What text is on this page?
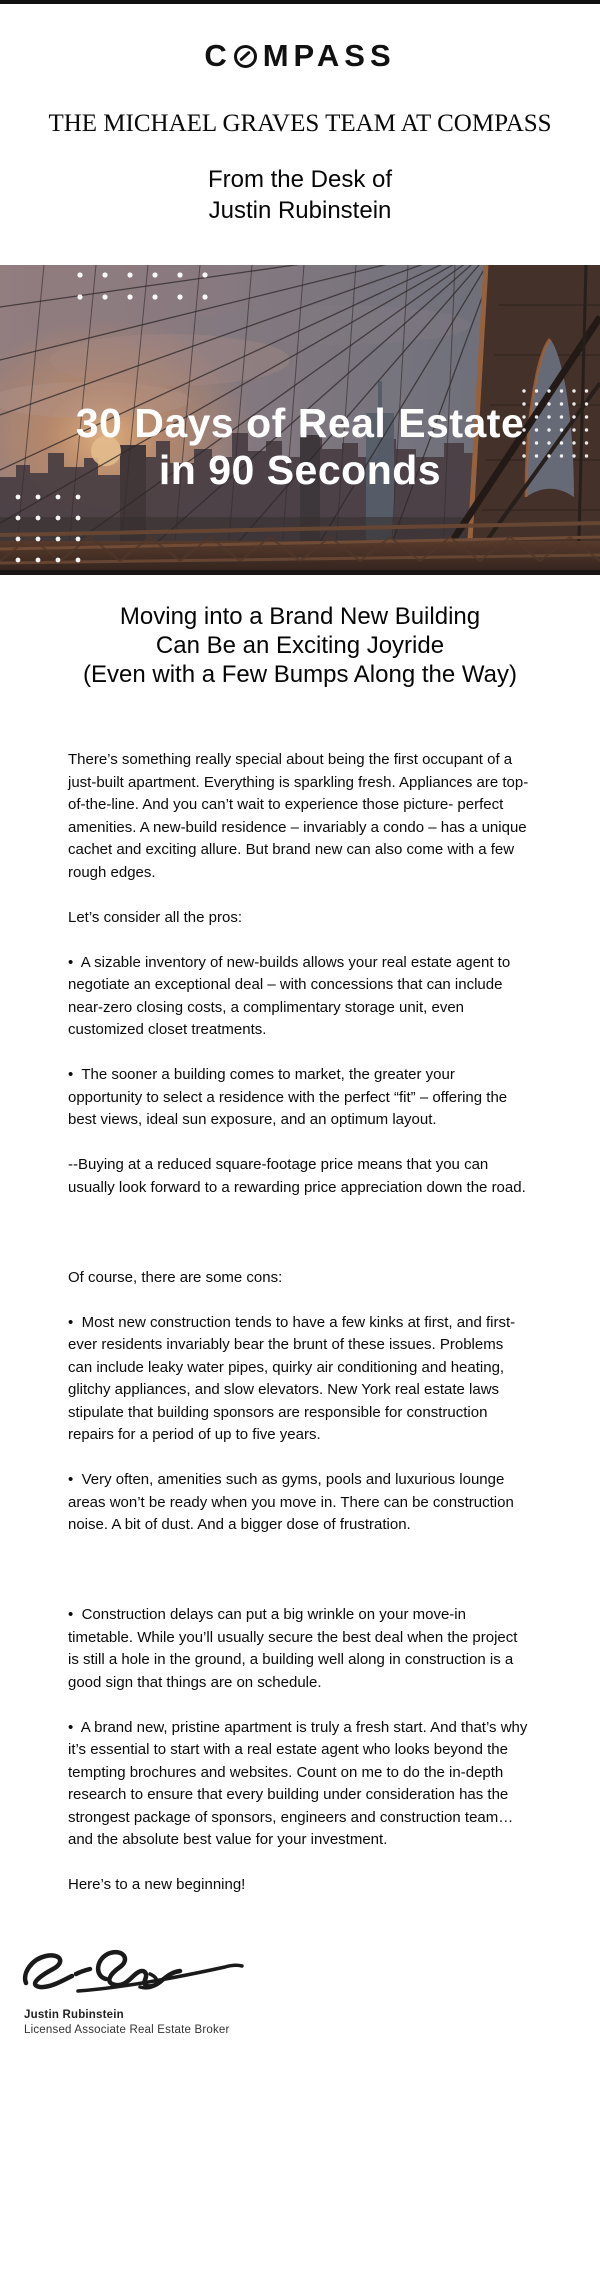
C MPASS
THE MICHAEL GRAVES TEAM AT COMPASS
From the Desk of
Justin Rubinstein
30 Days of Real Estate
in 90 Seconds
Moving into a Brand New Building
Can Be an Exciting Joyride
(Even with a Few Bumps Along the Way)

There’s something really special about being the first occupant of a just-built apartment. Everything is sparkling fresh. Appliances are top-of-the-line. And you can’t wait to experience those picture- perfect amenities. A new-build residence – invariably a condo – has a unique cachet and exciting allure. But brand new can also come with a few rough edges.

Let’s consider all the pros:

•  A sizable inventory of new-builds allows your real estate agent to negotiate an exceptional deal – with concessions that can include near-zero closing costs, a complimentary storage unit, even customized closet treatments.

•  The sooner a building comes to market, the greater your opportunity to select a residence with the perfect “fit” – offering the best views, ideal sun exposure, and an optimum layout.

--Buying at a reduced square-footage price means that you can usually look forward to a rewarding price appreciation down the road.

Of course, there are some cons:

•  Most new construction tends to have a few kinks at first, and first-ever residents invariably bear the brunt of these issues. Problems can include leaky water pipes, quirky air conditioning and heating, glitchy appliances, and slow elevators. New York real estate laws stipulate that building sponsors are responsible for construction repairs for a period of up to five years.

•  Very often, amenities such as gyms, pools and luxurious lounge areas won’t be ready when you move in. There can be construction noise. A bit of dust. And a bigger dose of frustration.

•  Construction delays can put a big wrinkle on your move-in timetable. While you’ll usually secure the best deal when the project is still a hole in the ground, a building well along in construction is a good sign that things are on schedule.

•  A brand new, pristine apartment is truly a fresh start. And that’s why it’s essential to start with a real estate agent who looks beyond the tempting brochures and websites. Count on me to do the in-depth research to ensure that every building under consideration has the strongest package of sponsors, engineers and construction team…and the absolute best value for your investment.

Here’s to a new beginning!

Justin Rubinstein
Licensed Associate Real Estate Broker
